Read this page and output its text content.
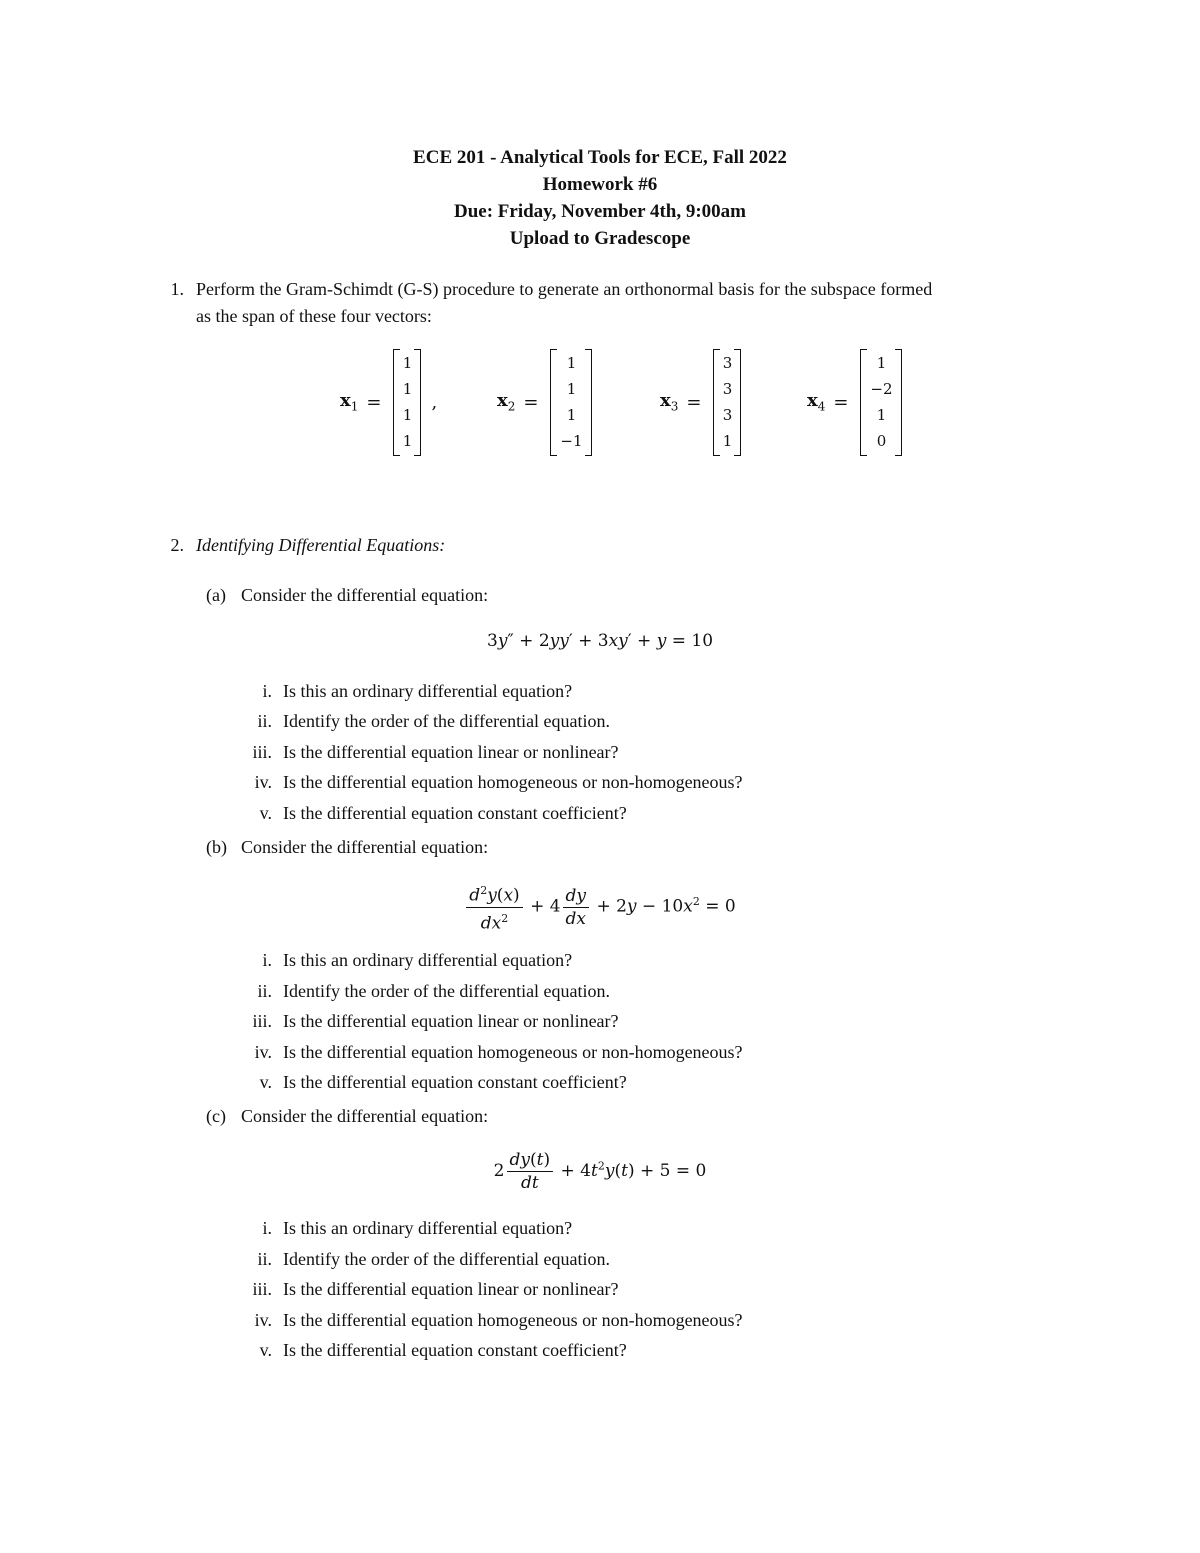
ECE 201 - Analytical Tools for ECE, Fall 2022
Homework #6
Due: Friday, November 4th, 9:00am
Upload to Gradescope
1. Perform the Gram-Schimdt (G-S) procedure to generate an orthonormal basis for the subspace formed
as the span of these four vectors:
$x_1$ =
1
1
1
1
,	$x_2$ =
1
1
1
−1
$x_3$ =
3
3
3
1
$x_4$ =
1
−2
1
0
2. Identifying Differential Equations:
(a) Consider the differential equation:
3y″ + 2yy′ + 3xy′ + y = 10
i. Is this an ordinary differential equation?
ii. Identify the order of the differential equation.
iii. Is the differential equation linear or nonlinear?
iv. Is the differential equation homogeneous or non-homogeneous?
v. Is the differential equation constant coefficient?
(b) Consider the differential equation:
$\frac{d^2y(x)}{dx^2} + 4 \frac{dy}{dx} + 2y - 10x^2 = 0$
i. Is this an ordinary differential equation?
ii. Identify the order of the differential equation.
iii. Is the differential equation linear or nonlinear?
iv. Is the differential equation homogeneous or non-homogeneous?
v. Is the differential equation constant coefficient?
(c) Consider the differential equation:
$2 \frac{dy(t)}{dt} + 4t^2y(t) + 5 = 0$
i. Is this an ordinary differential equation?
ii. Identify the order of the differential equation.
iii. Is the differential equation linear or nonlinear?
iv. Is the differential equation homogeneous or non-homogeneous?
v. Is the differential equation constant coefficient?
